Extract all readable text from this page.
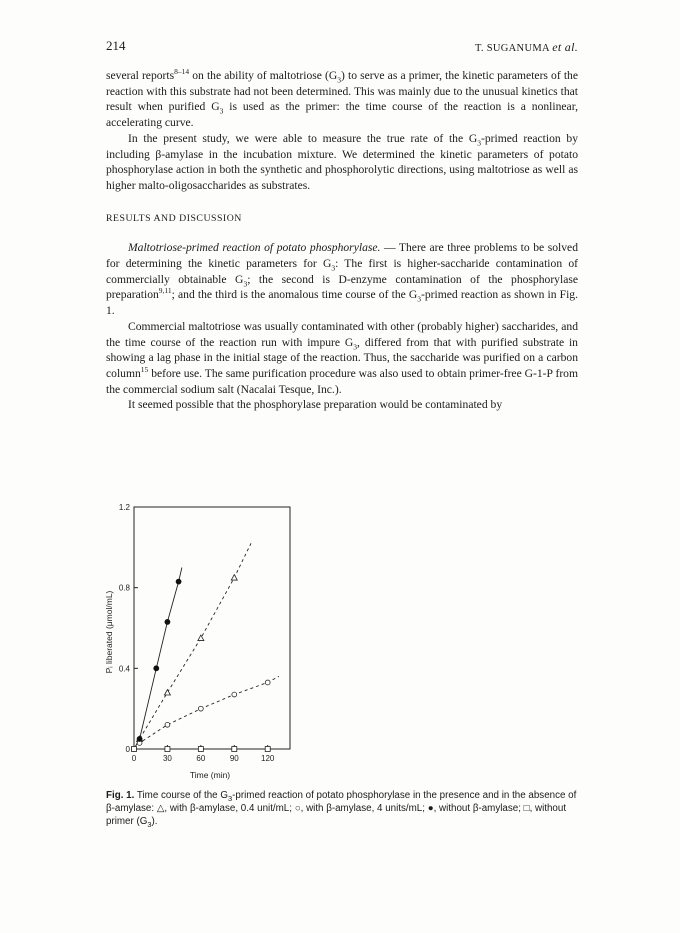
214	T. SUGANUMA et al.

several reports$^{8-14}$ on the ability of maltotriose $(G_3)$ to serve as a primer, the kinetic parameters of the reaction with this substrate had not been determined. This was mainly due to the unusual kinetics that result when purified $G_3$ is used as the primer: the time course of the reaction is a nonlinear, accelerating curve.

In the present study, we were able to measure the true rate of the $G_3$-primed reaction by including β-amylase in the incubation mixture. We determined the kinetic parameters of potato phosphorylase action in both the synthetic and phosphorolytic directions, using maltotriose as well as higher malto-oligosaccharides as substrates.

RESULTS AND DISCUSSION

Maltotriose-primed reaction of potato phosphorylase. — There are three problems to be solved for determining the kinetic parameters for $G_3$: The first is higher-saccharide contamination of commercially obtainable $G_3$; the second is D-enzyme contamination of the phosphorylase preparation$^{9,11}$; and the third is the anomalous time course of the $G_3$-primed reaction as shown in Fig. 1.

Commercial maltotriose was usually contaminated with other (probably higher) saccharides, and the time course of the reaction run with impure $G_3$, differed from that with purified substrate in showing a lag phase in the initial stage of the reaction. Thus, the saccharide was purified on a carbon column$^{15}$ before use. The same purification procedure was also used to obtain primer-free G-1-P from the commercial sodium salt (Nacalai Tesque, Inc.).

It seemed possible that the phosphorylase preparation would be contaminated by

0
0.4
0.8
1.2
0	30	60	90	120
Time (min)
Pᵢ liberated (μmol/mL)

Fig. 1. Time course of the $G_3$-primed reaction of potato phosphorylase in the presence and in the absence of β-amylase: △, with β-amylase, 0.4 unit/mL; ○, with β-amylase, 4 units/mL; ●, without β-amylase; □, without primer $(G_3)$.
